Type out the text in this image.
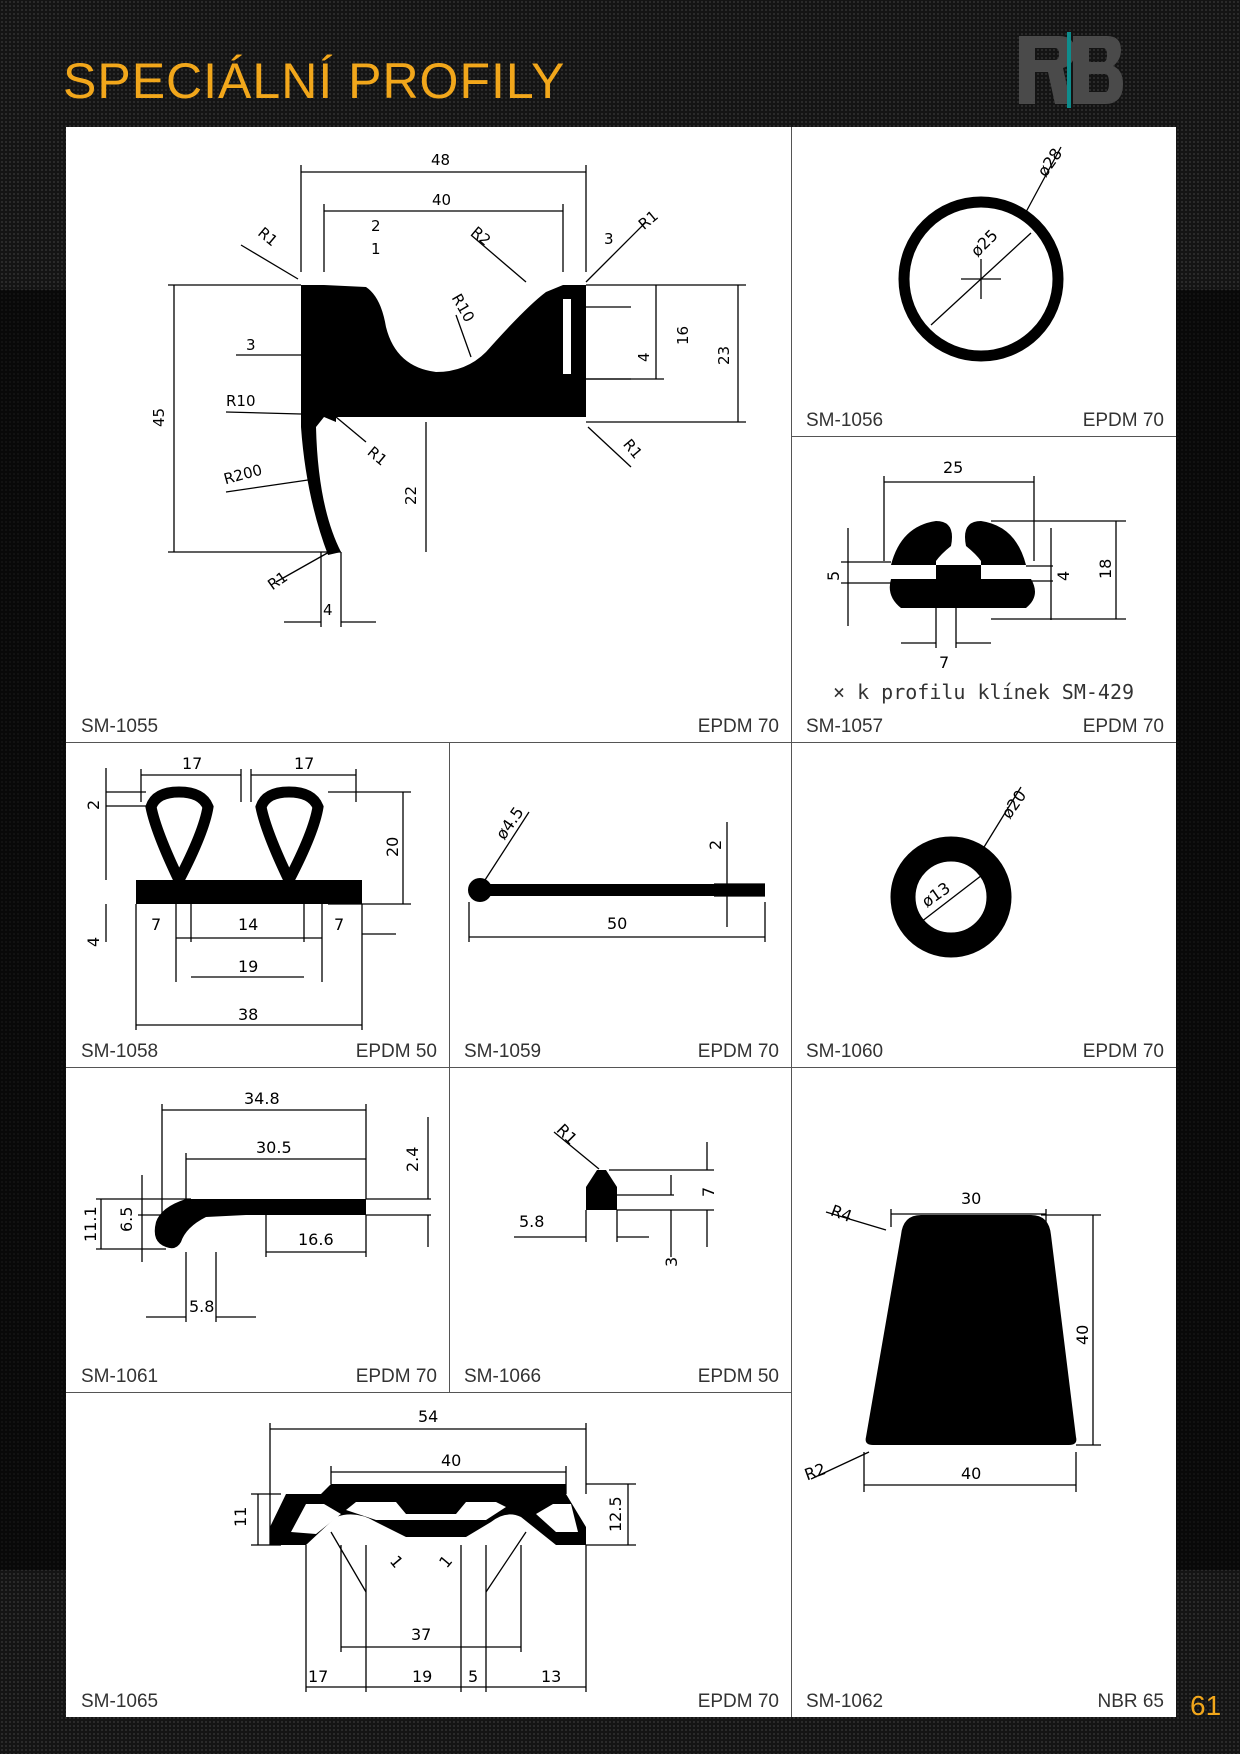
SPECIÁLNÍ PROFILY
48
40
2
1
3
R1	R2
R1
R10
45
3
R10
R200
R1
22
4
16
23
R1
4
R1
SM-1055	EPDM 70
ø28
ø25
SM-1056	EPDM 70
25
5	4 18
7
SM-1057	EPDM 70
17	17
2
20
7	14	7
19
38
4
SM-1058	EPDM 50
ø4.5
2
50
SM-1059	EPDM 70
ø20
ø13
SM-1060	EPDM 70
34.8
30.5	2.4
11.1 6.5
16.6
5.8
SM-1061	EPDM 70
R1
7
5.8
3
SM-1066	EPDM 50
54
40
11	12.5
1 1
37
17	19 5	13
SM-1065	EPDM 70
30
R4
40
R2	40
SM-1062	NBR 65
× k profilu klínek SM-429
61
